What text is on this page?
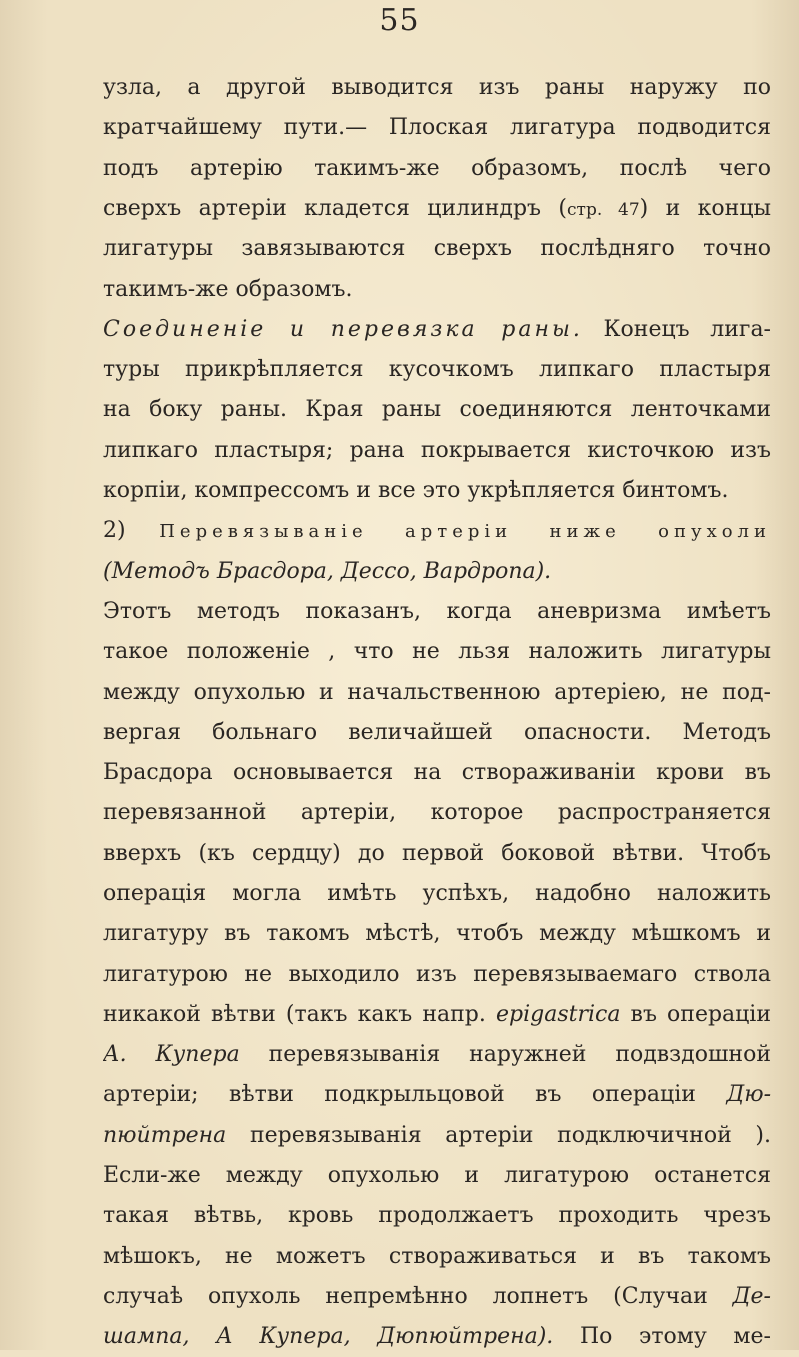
55
узла, а другой выводится изъ раны наружу по
кратчайшему пути.— Плоская лигатура подводится
подъ артерію такимъ-же образомъ, послѣ чего
сверхъ артеріи кладется цилиндръ (стр. 47) и концы
лигатуры завязываются сверхъ послѣдняго точно
такимъ-же образомъ.
Соединеніе и перевязка раны. Конецъ лига-
туры прикрѣпляется кусочкомъ липкаго пластыря
на боку раны. Края раны соединяются ленточками
липкаго пластыря; рана покрывается кисточкою изъ
корпіи, компрессомъ и все это укрѣпляется бинтомъ.
2) Перевязываніе артеріи ниже опухоли
(Методъ Брасдора, Дессо, Вардропа).
Этотъ методъ показанъ, когда аневризма имѣетъ
такое положеніе , что не льзя наложить лигатуры
между опухолью и начальственною артеріею, не под-
вергая больнаго величайшей опасности. Методъ
Брасдора основывается на створаживаніи крови въ
перевязанной артеріи, которое распространяется
вверхъ (къ сердцу) до первой боковой вѣтви. Чтобъ
операція могла имѣть успѣхъ, надобно наложить
лигатуру въ такомъ мѣстѣ, чтобъ между мѣшкомъ и
лигатурою не выходило изъ перевязываемаго ствола
никакой вѣтви (такъ какъ напр. epigastrica въ операціи
А. Купера перевязыванія наружней подвздошной
артеріи; вѣтви подкрыльцовой въ операціи Дю-
пюйтрена перевязыванія артеріи подключичной ).
Если-же между опухолью и лигатурою останется
такая вѣтвь, кровь продолжаетъ проходить чрезъ
мѣшокъ, не можетъ створаживаться и въ такомъ
случаѣ опухоль непремѣнно лопнетъ (Случаи Де-
шампа, А Купера, Дюпюйтрена). По этому ме-
